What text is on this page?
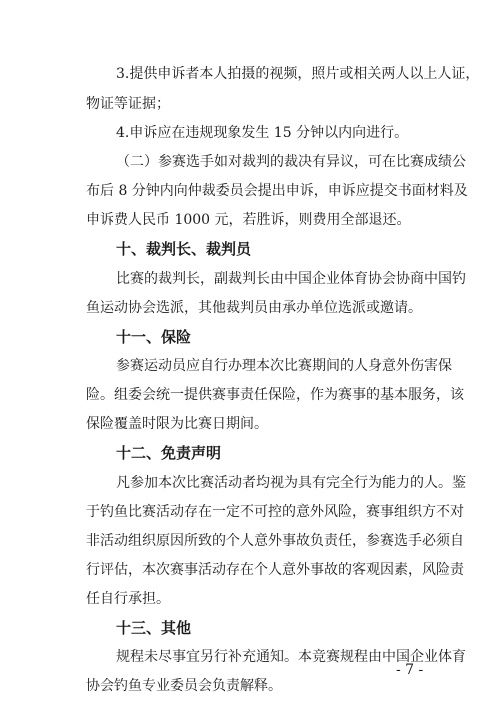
3.提供申诉者本人拍摄的视频，照片或相关两人以上人证，
物证等证据；
4.申诉应在违规现象发生 15 分钟以内向进行。
（二）参赛选手如对裁判的裁决有异议，可在比赛成绩公
布后 8 分钟内向仲裁委员会提出申诉，申诉应提交书面材料及
申诉费人民币 1000 元，若胜诉，则费用全部退还。
十、裁判长、裁判员
比赛的裁判长，副裁判长由中国企业体育协会协商中国钓
鱼运动协会选派，其他裁判员由承办单位选派或邀请。
十一、保险
参赛运动员应自行办理本次比赛期间的人身意外伤害保
险。组委会统一提供赛事责任保险，作为赛事的基本服务，该
保险覆盖时限为比赛日期间。
十二、免责声明
凡参加本次比赛活动者均视为具有完全行为能力的人。鉴
于钓鱼比赛活动存在一定不可控的意外风险，赛事组织方不对
非活动组织原因所致的个人意外事故负责任，参赛选手必须自
行评估，本次赛事活动存在个人意外事故的客观因素，风险责
任自行承担。
十三、其他
规程未尽事宜另行补充通知。本竞赛规程由中国企业体育
协会钓鱼专业委员会负责解释。
- 7 -
